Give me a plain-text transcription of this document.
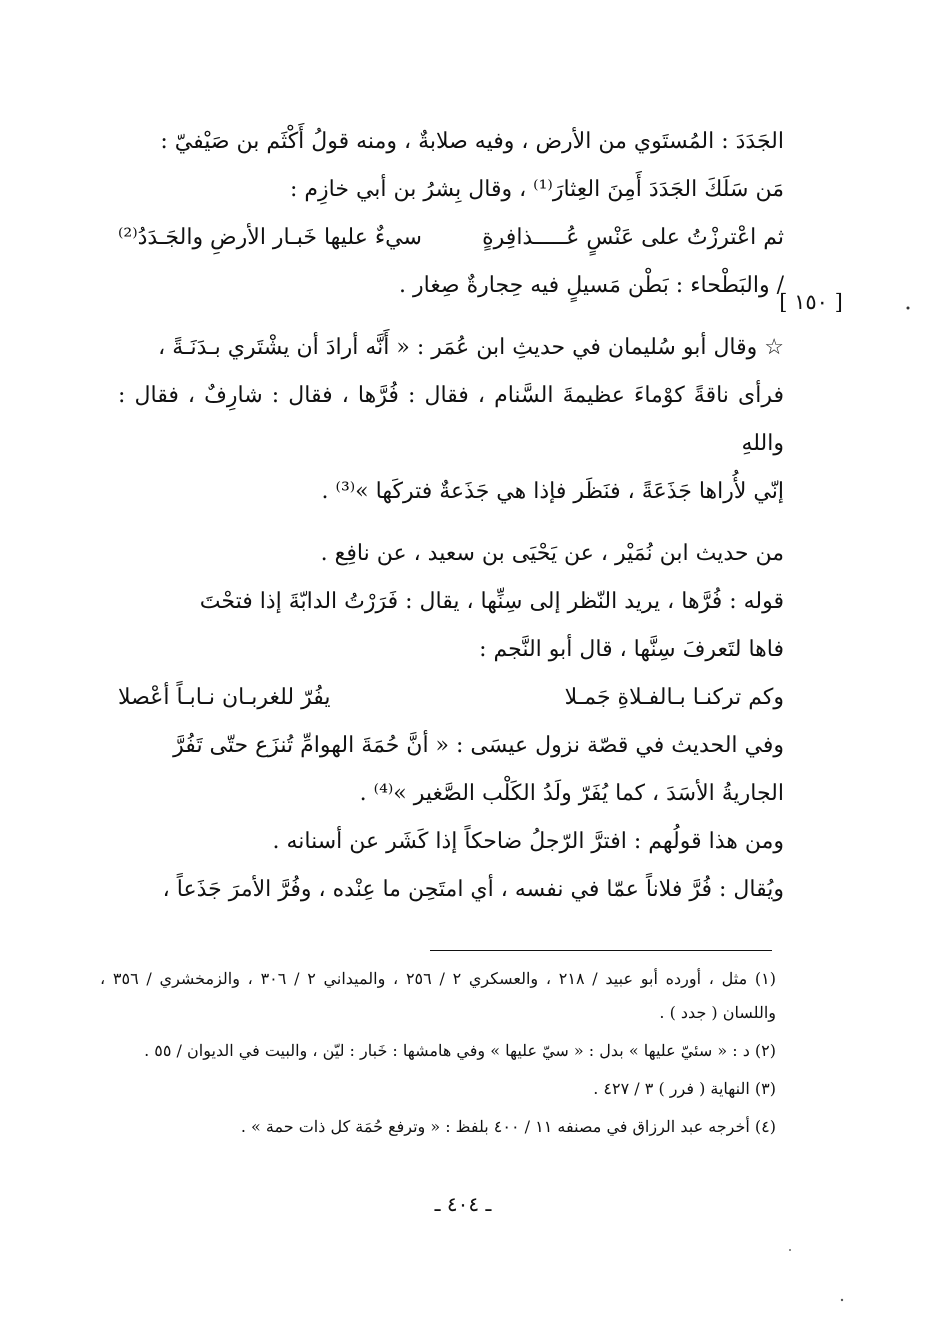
[ ١٥٠ ]

الجَدَدَ : المُستَوي من الأرض ، وفيه صلابةٌ ، ومنه قولُ أَكْثَم بن صَيْفيّ :

مَن سَلَكَ الجَدَدَ أَمِنَ العِثارَ⁽¹⁾ ، وقال بِشرُ بن أبي خازِم :

ثم اعْترزْتُ على عَنْسٍ عُـــــذافِرةٍ
سيءٌ عليها خَبـار الأرضِ والجَـدَدُ⁽²⁾

/ والبَطْحاء : بَطْن مَسيلٍ فيه حِجارةٌ صِغار .

☆ وقال أبو سُليمان في حديثِ ابن عُمَر : « أَنَّه أرادَ أن يشْتَري بـدَنَـةً ،

فرأى ناقةً كوْماءَ عظيمةَ السَّنام ، فقال : فُرَّها ، فقال : شارِفٌ ، فقال : واللهِ

إنّي لأُراها جَذَعَةً ، فنَظَر فإذا هي جَذَعةٌ فتركَها »⁽³⁾ .

من حديث ابن نُمَيْر ، عن يَحْيَى بن سعيد ، عن نافِع .

قوله : فُرَّها ، يريد النّظر إلى سِنِّها ، يقال : فَرَرْتُ الدابّةَ إذا فتحْتَ

فاها لتَعرفَ سِنَّها ، قال أبو النَّجم :

وكم تركنـا بـالفـلاةِ جَمـلا
يفُرّ للغربـان نـابـاً أعْصلا

وفي الحديث في قصّة نزول عيسَى : « أنَّ حُمَةَ الهوامِّ تُنزَع حتّى تَفُرَّ

الجاريةُ الأسَدَ ، كما يُفَرّ ولَدُ الكَلْب الصَّغير »⁽⁴⁾ .

ومن هذا قولُهم : افترَّ الرّجلُ ضاحكاً إذا كَشَر عن أسنانه .

ويُقال : فُرَّ فلاناً عمّا في نفسه ، أي امتَحِن ما عِنْده ، وفُرَّ الأمرَ جَذَعاً ،

(١) مثل ، أورده أبو عبيد / ٢١٨ ، والعسكري ٢ / ٢٥٦ ، والميداني ٢ / ٣٠٦ ، والزمخشري / ٣٥٦ ، واللسان ( جدد ) .

(٢) د : « سئيّ عليها » بدل : « سيّ عليها » وفي هامشها : خَبار : ليّن ، والبيت في الديوان / ٥٥ .

(٣) النهاية ( فرر ) ٣ / ٤٢٧ .

(٤) أخرجه عبد الرزاق في مصنفه ١١ / ٤٠٠ بلفظ : « وترفع حُمَة كل ذات حمة » .

ـ ٤٠٤ ـ
